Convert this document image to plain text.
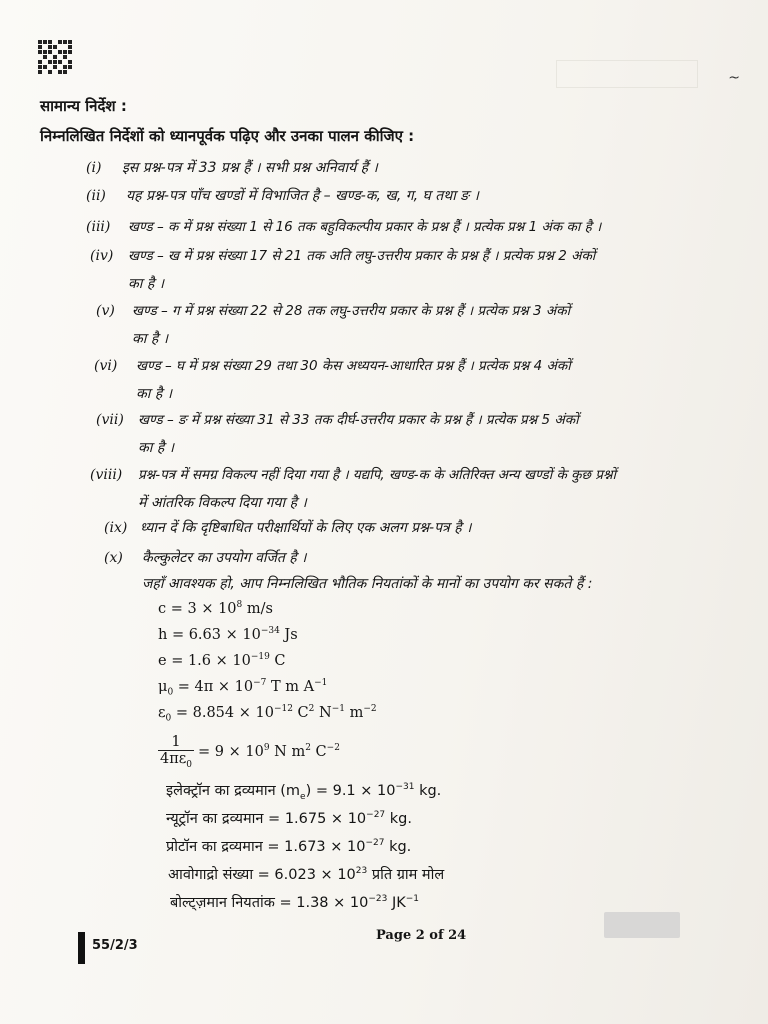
~
सामान्य निर्देश :
निम्नलिखित निर्देशों को ध्यानपूर्वक पढ़िए और उनका पालन कीजिए :
(i) इस प्रश्न-पत्र में 33 प्रश्न हैं । सभी प्रश्न अनिवार्य हैं ।
(ii) यह प्रश्न-पत्र पाँच खण्डों में विभाजित है – खण्ड-क, ख, ग, घ तथा ङ ।
(iii) खण्ड – क में प्रश्न संख्या 1 से 16 तक बहुविकल्पीय प्रकार के प्रश्न हैं । प्रत्येक प्रश्न 1 अंक का है ।
(iv) खण्ड – ख में प्रश्न संख्या 17 से 21 तक अति लघु-उत्तरीय प्रकार के प्रश्न हैं । प्रत्येक प्रश्न 2 अंकों
का है ।
(v) खण्ड – ग में प्रश्न संख्या 22 से 28 तक लघु-उत्तरीय प्रकार के प्रश्न हैं । प्रत्येक प्रश्न 3 अंकों
का है ।
(vi) खण्ड – घ में प्रश्न संख्या 29 तथा 30 केस अध्ययन-आधारित प्रश्न हैं । प्रत्येक प्रश्न 4 अंकों
का है ।
(vii) खण्ड – ङ में प्रश्न संख्या 31 से 33 तक दीर्घ-उत्तरीय प्रकार के प्रश्न हैं । प्रत्येक प्रश्न 5 अंकों
का है ।
(viii) प्रश्न-पत्र में समग्र विकल्प नहीं दिया गया है । यद्यपि, खण्ड-क के अतिरिक्त अन्य खण्डों के कुछ प्रश्नों
में आंतरिक विकल्प दिया गया है ।
(ix) ध्यान दें कि दृष्टिबाधित परीक्षार्थियों के लिए एक अलग प्रश्न-पत्र है ।
(x) कैल्कुलेटर का उपयोग वर्जित है ।
जहाँ आवश्यक हो, आप निम्नलिखित भौतिक नियतांकों के मानों का उपयोग कर सकते हैं :
$c = 3 \times 10^8$ m/s
$h = 6.63 \times 10^{-34}$ Js
$e = 1.6 \times 10^{-19}$ C
$\mu_0 = 4\pi \times 10^{-7}$ T m $A^{-1}$
$\varepsilon_0 = 8.854 \times 10^{-12}$ $C^2$ $N^{-1}$ $m^{-2}$
$\frac{1}{4\pi\varepsilon_0} = 9 \times 10^9$ N $m^2$ $C^{-2}$
इलेक्ट्रॉन का द्रव्यमान $(m_e) = 9.1 \times 10^{-31}$ kg.
न्यूट्रॉन का द्रव्यमान = $1.675 \times 10^{-27}$ kg.
प्रोटॉन का द्रव्यमान = $1.673 \times 10^{-27}$ kg.
आवोगाद्रो संख्या = $6.023 \times 10^{23}$ प्रति ग्राम मोल
बोल्ट्ज़मान नियतांक = $1.38 \times 10^{-23}$ $JK^{-1}$
55/2/3
Page 2 of 24
